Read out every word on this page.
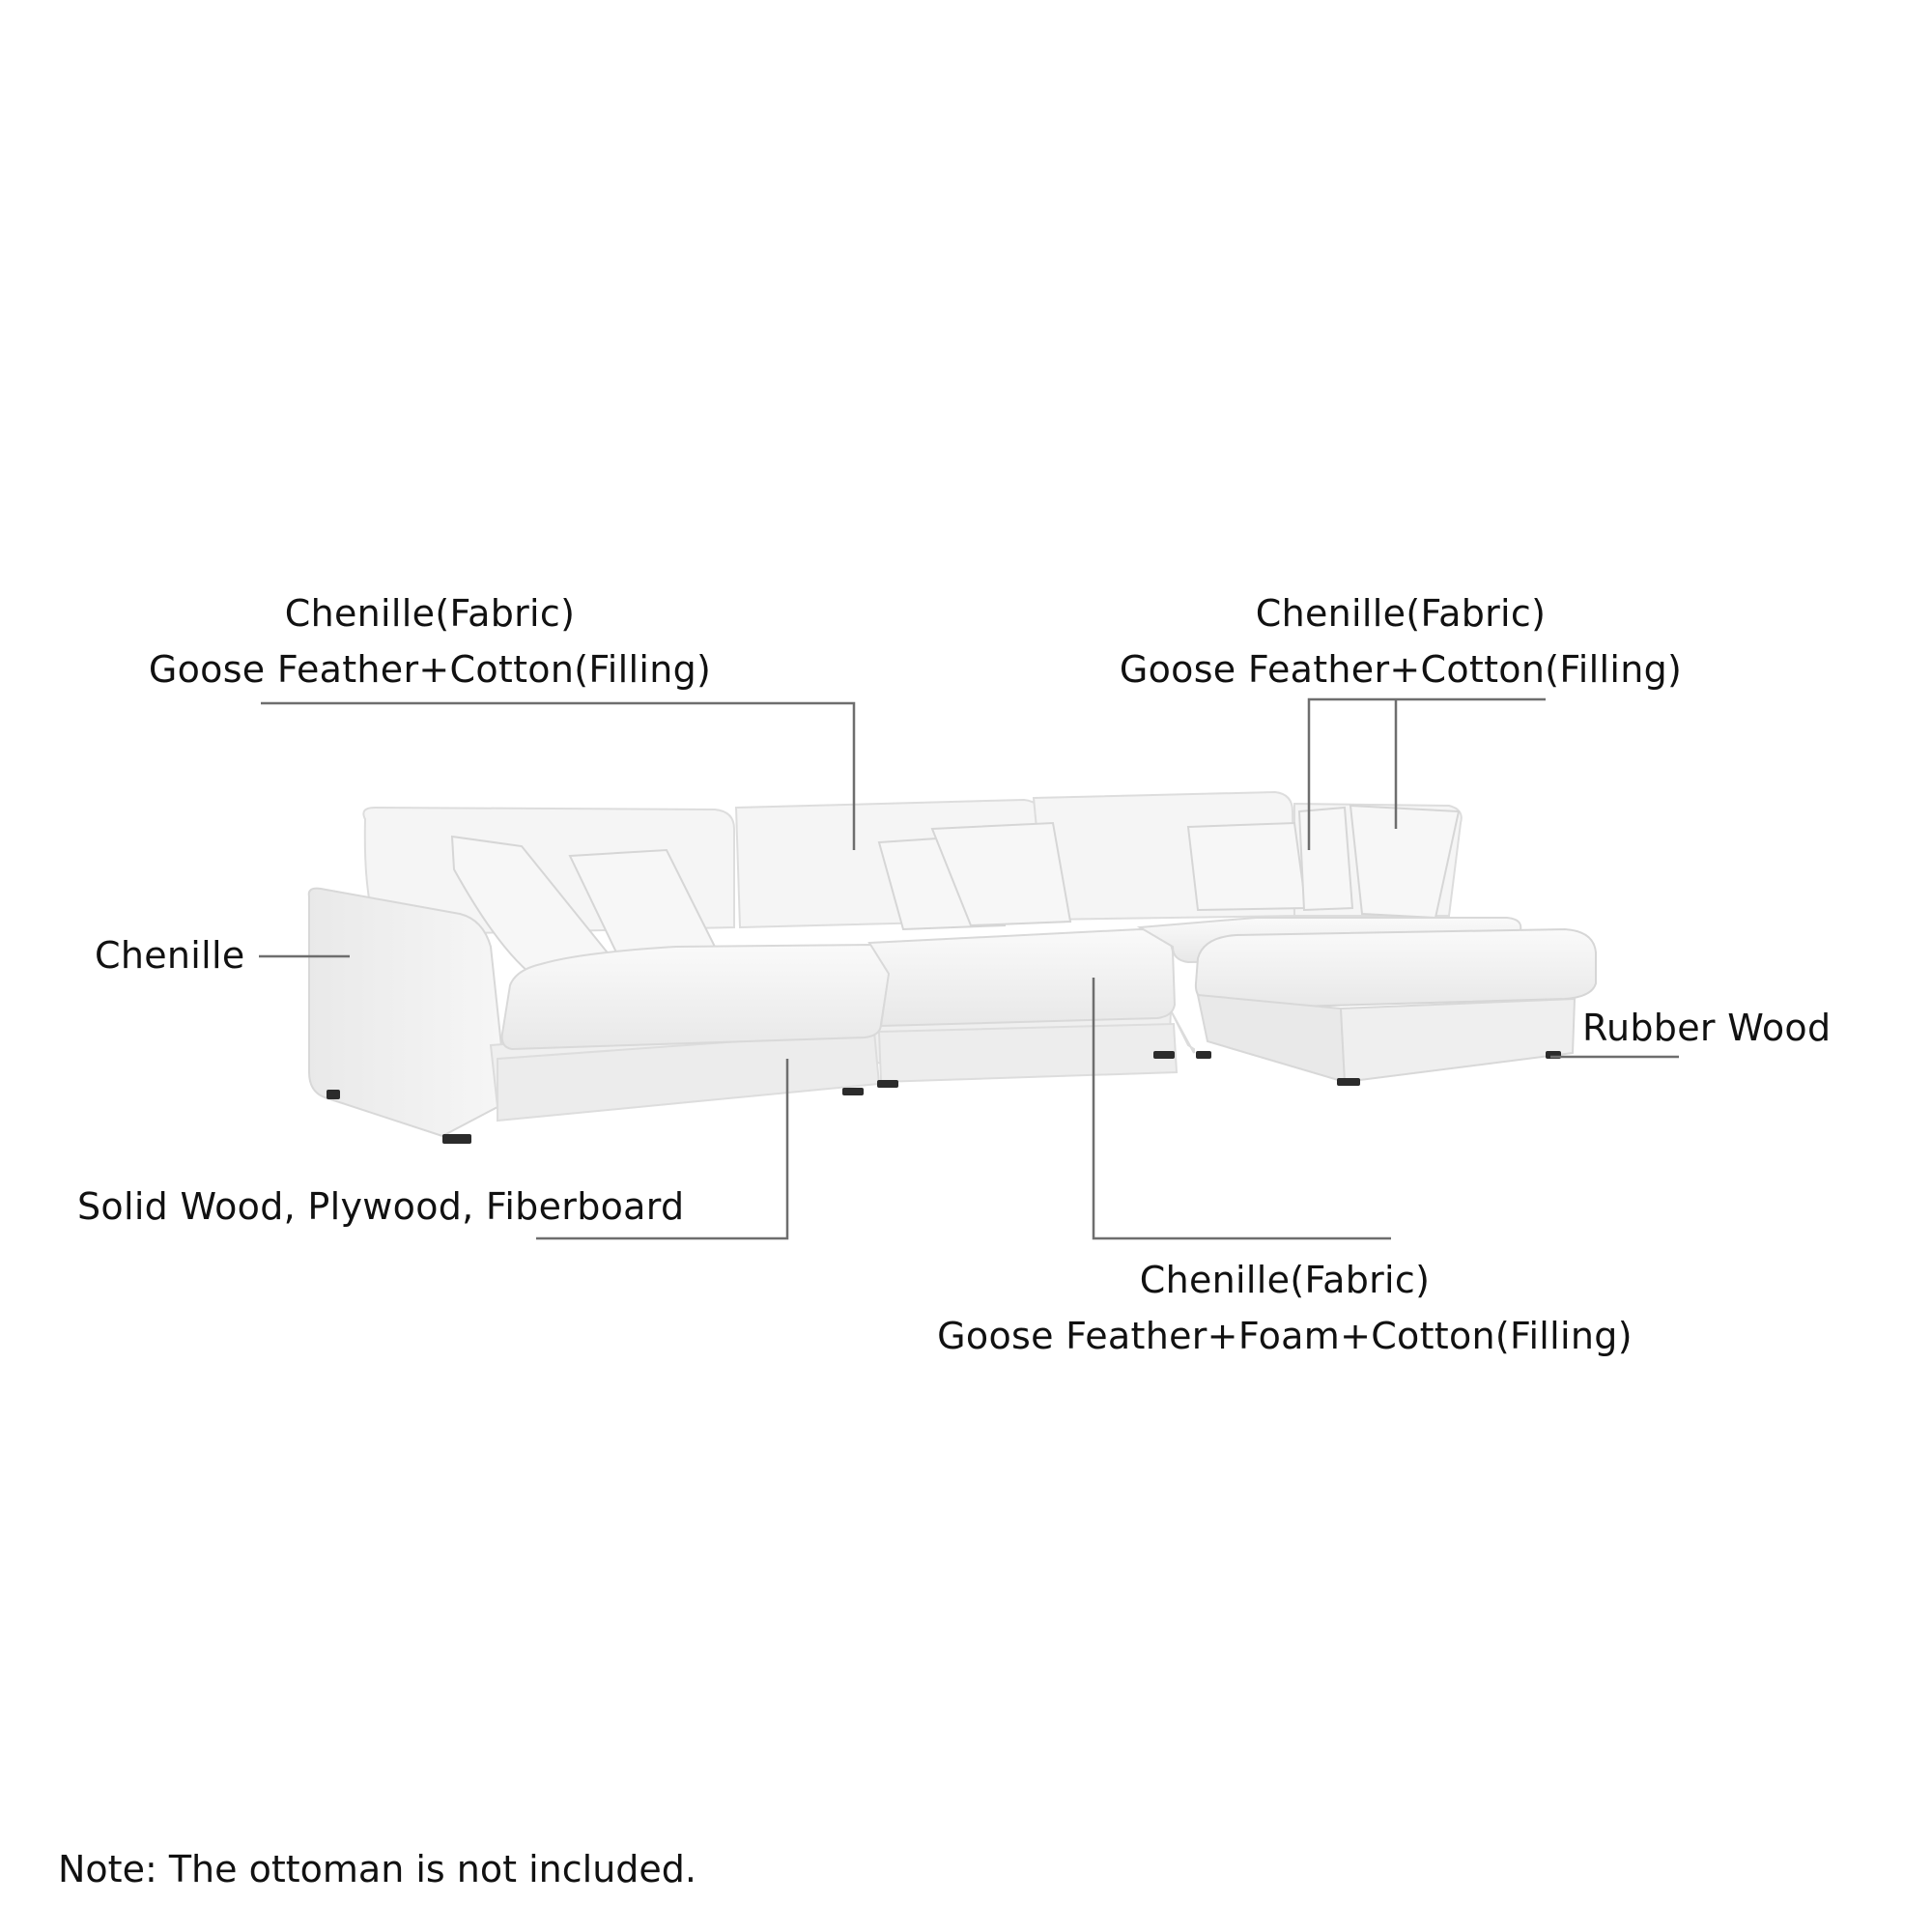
Chenille(Fabric)
Goose Feather+Cotton(Filling)
Chenille(Fabric)
Goose Feather+Cotton(Filling)
Chenille
Solid Wood, Plywood, Fiberboard
Rubber Wood
Chenille(Fabric)
Goose Feather+Foam+Cotton(Filling)
Note: The ottoman is not included.
